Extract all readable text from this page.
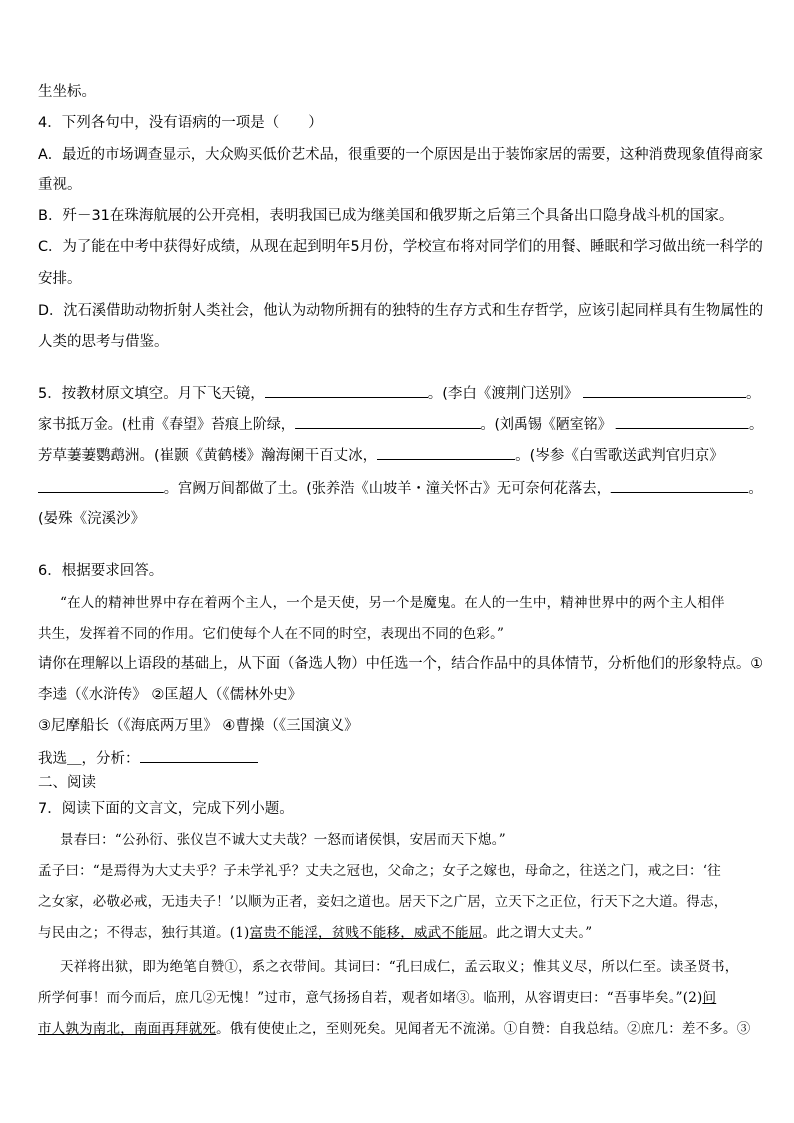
生坐标。
4．下列各句中，没有语病的一项是（　　）
A．最近的市场调查显示，大众购买低价艺术品，很重要的一个原因是出于装饰家居的需要，这种消费现象值得商家
重视。
B．歼－31在珠海航展的公开亮相，表明我国已成为继美国和俄罗斯之后第三个具备出口隐身战斗机的国家。
C．为了能在中考中获得好成绩，从现在起到明年5月份，学校宣布将对同学们的用餐、睡眠和学习做出统一科学的
安排。
D．沈石溪借助动物折射人类社会，他认为动物所拥有的独特的生存方式和生存哲学，应该引起同样具有生物属性的
人类的思考与借鉴。
5．按教材原文填空。月下飞天镜，	。(李白《渡荆门送别》	。
家书抵万金。(杜甫《春望》苔痕上阶绿，	。(刘禹锡《陋室铭》	。
芳草萋萋鹦鹉洲。(崔颢《黄鹤楼》瀚海阑干百丈冰，	。(岑参《白雪歌送武判官归京》
。宫阙万间都做了土。(张养浩《山坡羊・潼关怀古》无可奈何花落去，	。
(晏殊《浣溪沙》
6．根据要求回答。
“在人的精神世界中存在着两个主人，一个是天使，另一个是魔鬼。在人的一生中，精神世界中的两个主人相伴
共生，发挥着不同的作用。它们使每个人在不同的时空，表现出不同的色彩。”
请你在理解以上语段的基础上，从下面（备选人物）中任选一个，结合作品中的具体情节，分析他们的形象特点。①
李逵（《水浒传》 ②匡超人（《儒林外史》
③尼摩船长（《海底两万里》 ④曹操（《三国演义》
我选＿，分析：
二、阅读
7．阅读下面的文言文，完成下列小题。
景春曰：“公孙衍、张仪岂不诚大丈夫哉？一怒而诸侯惧，安居而天下熄。”
孟子曰：“是焉得为大丈夫乎？子未学礼乎？丈夫之冠也，父命之；女子之嫁也，母命之，往送之门，戒之曰：‘往
之女家，必敬必戒，无违夫子！’以顺为正者，妾妇之道也。居天下之广居，立天下之正位，行天下之大道。得志，
与民由之；不得志，独行其道。(1)富贵不能淫，贫贱不能移，威武不能屈。此之谓大丈夫。”
天祥将出狱，即为绝笔自赞①，系之衣带间。其词曰：“孔曰成仁，孟云取义；惟其义尽，所以仁至。读圣贤书，
所学何事！而今而后，庶几②无愧！”过市，意气扬扬自若，观者如堵③。临刑，从容谓吏曰：“吾事毕矣。”(2)问
市人孰为南北，南面再拜就死。俄有使使止之，至则死矣。见闻者无不流涕。①自赞：自我总结。②庶几：差不多。③
